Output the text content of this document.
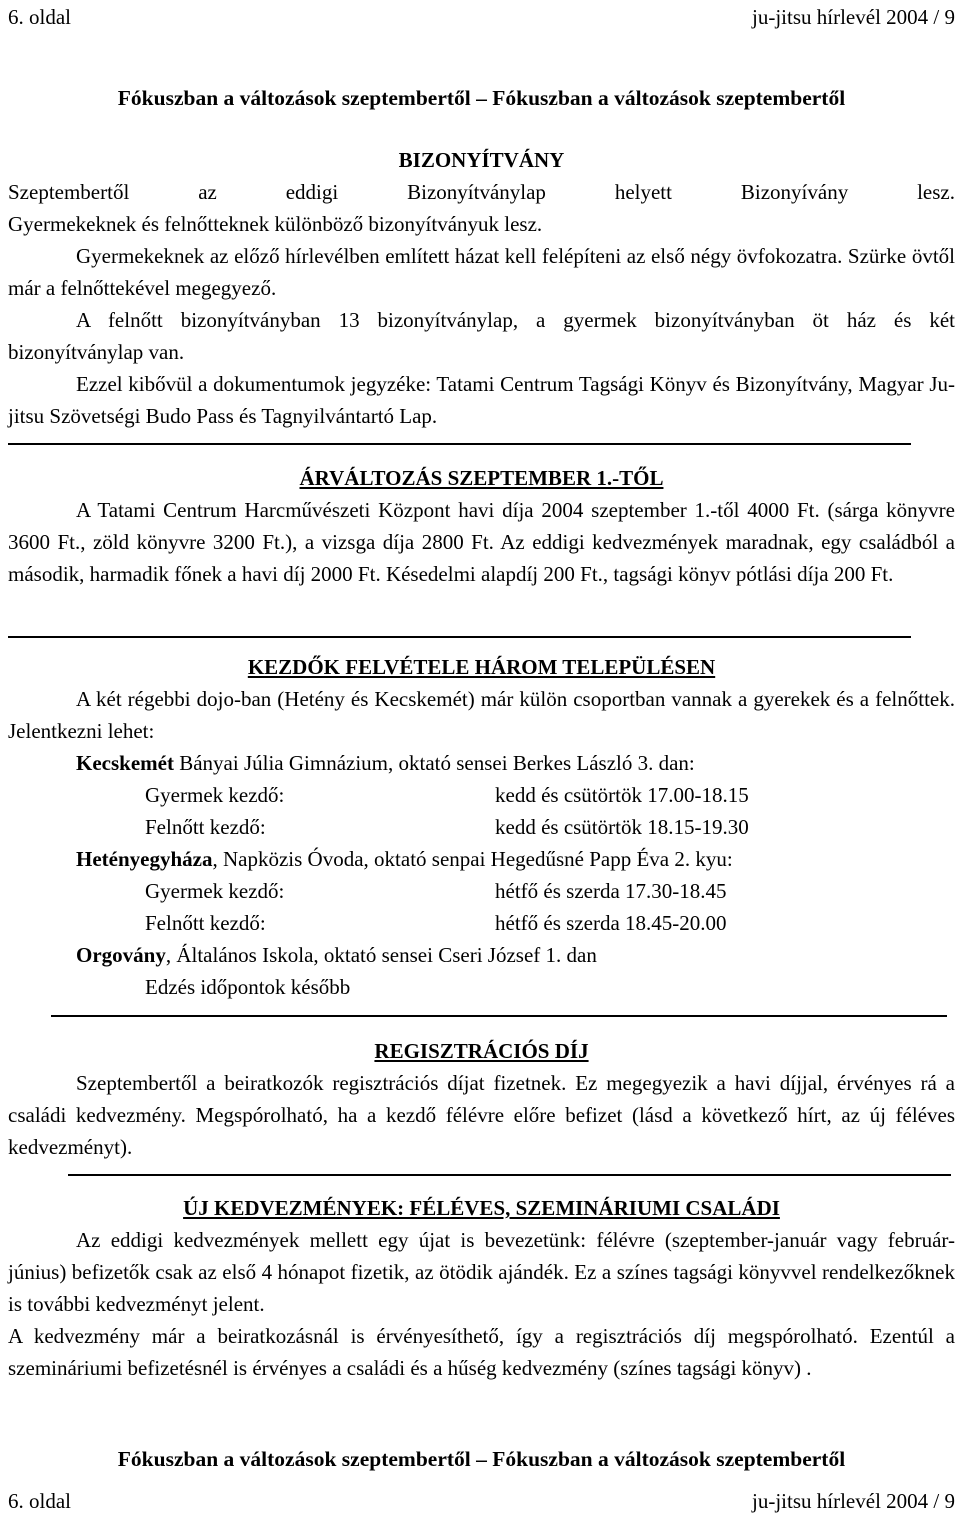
6. oldal	ju-jitsu hírlevél 2004 / 9
Fókuszban a változások szeptembertől – Fókuszban a változások szeptembertől
BIZONYÍTVÁNY
Szeptembertől az eddigi Bizonyítványlap helyett Bizonyívány lesz.
Gyermekeknek és felnőtteknek különböző bizonyítványuk lesz.
Gyermekeknek az előző hírlevélben említett házat kell felépíteni az első négy övfokozatra. Szürke övtől már a felnőttekével megegyező.
A felnőtt bizonyítványban 13 bizonyítványlap, a gyermek bizonyítványban öt ház és két bizonyítványlap van.
Ezzel kibővül a dokumentumok jegyzéke: Tatami Centrum Tagsági Könyv és Bizonyítvány, Magyar Ju-jitsu Szövetségi Budo Pass és Tagnyilvántartó Lap.
ÁRVÁLTOZÁS SZEPTEMBER 1.-TŐL
A Tatami Centrum Harcművészeti Központ havi díja 2004 szeptember 1.-től 4000 Ft. (sárga könyvre 3600 Ft., zöld könyvre 3200 Ft.), a vizsga díja 2800 Ft. Az eddigi kedvezmények maradnak, egy családból a második, harmadik főnek a havi díj 2000 Ft. Késedelmi alapdíj 200 Ft., tagsági könyv pótlási díja 200 Ft.
KEZDŐK FELVÉTELE HÁROM TELEPÜLÉSEN
A két régebbi dojo-ban (Hetény és Kecskemét) már külön csoportban vannak a gyerekek és a felnőttek. Jelentkezni lehet:
Kecskemét Bányai Júlia Gimnázium, oktató sensei Berkes László 3. dan:
Gyermek kezdő:	kedd és csütörtök 17.00-18.15
Felnőtt kezdő:	kedd és csütörtök 18.15-19.30
Hetényegyháza, Napközis Óvoda, oktató senpai Hegedűsné Papp Éva 2. kyu:
Gyermek kezdő:	hétfő és szerda 17.30-18.45
Felnőtt kezdő:	hétfő és szerda 18.45-20.00
Orgovány, Általános Iskola, oktató sensei Cseri József 1. dan
Edzés időpontok később
REGISZTRÁCIÓS DÍJ
Szeptembertől a beiratkozók regisztrációs díjat fizetnek. Ez megegyezik a havi díjjal, érvényes rá a családi kedvezmény. Megspórolható, ha a kezdő félévre előre befizet (lásd a következő hírt, az új féléves kedvezményt).
ÚJ KEDVEZMÉNYEK: FÉLÉVES, SZEMINÁRIUMI CSALÁDI
Az eddigi kedvezmények mellett egy újat is bevezetünk: félévre (szeptember-január vagy február-június) befizetők csak az első 4 hónapot fizetik, az ötödik ajándék. Ez a színes tagsági könyvvel rendelkezőknek is további kedvezményt jelent.
A kedvezmény már a beiratkozásnál is érvényesíthető, így a regisztrációs díj megspórolható. Ezentúl a szemináriumi befizetésnél is érvényes a családi és a hűség kedvezmény (színes tagsági könyv) .
Fókuszban a változások szeptembertől – Fókuszban a változások szeptembertől
6. oldal	ju-jitsu hírlevél 2004 / 9
